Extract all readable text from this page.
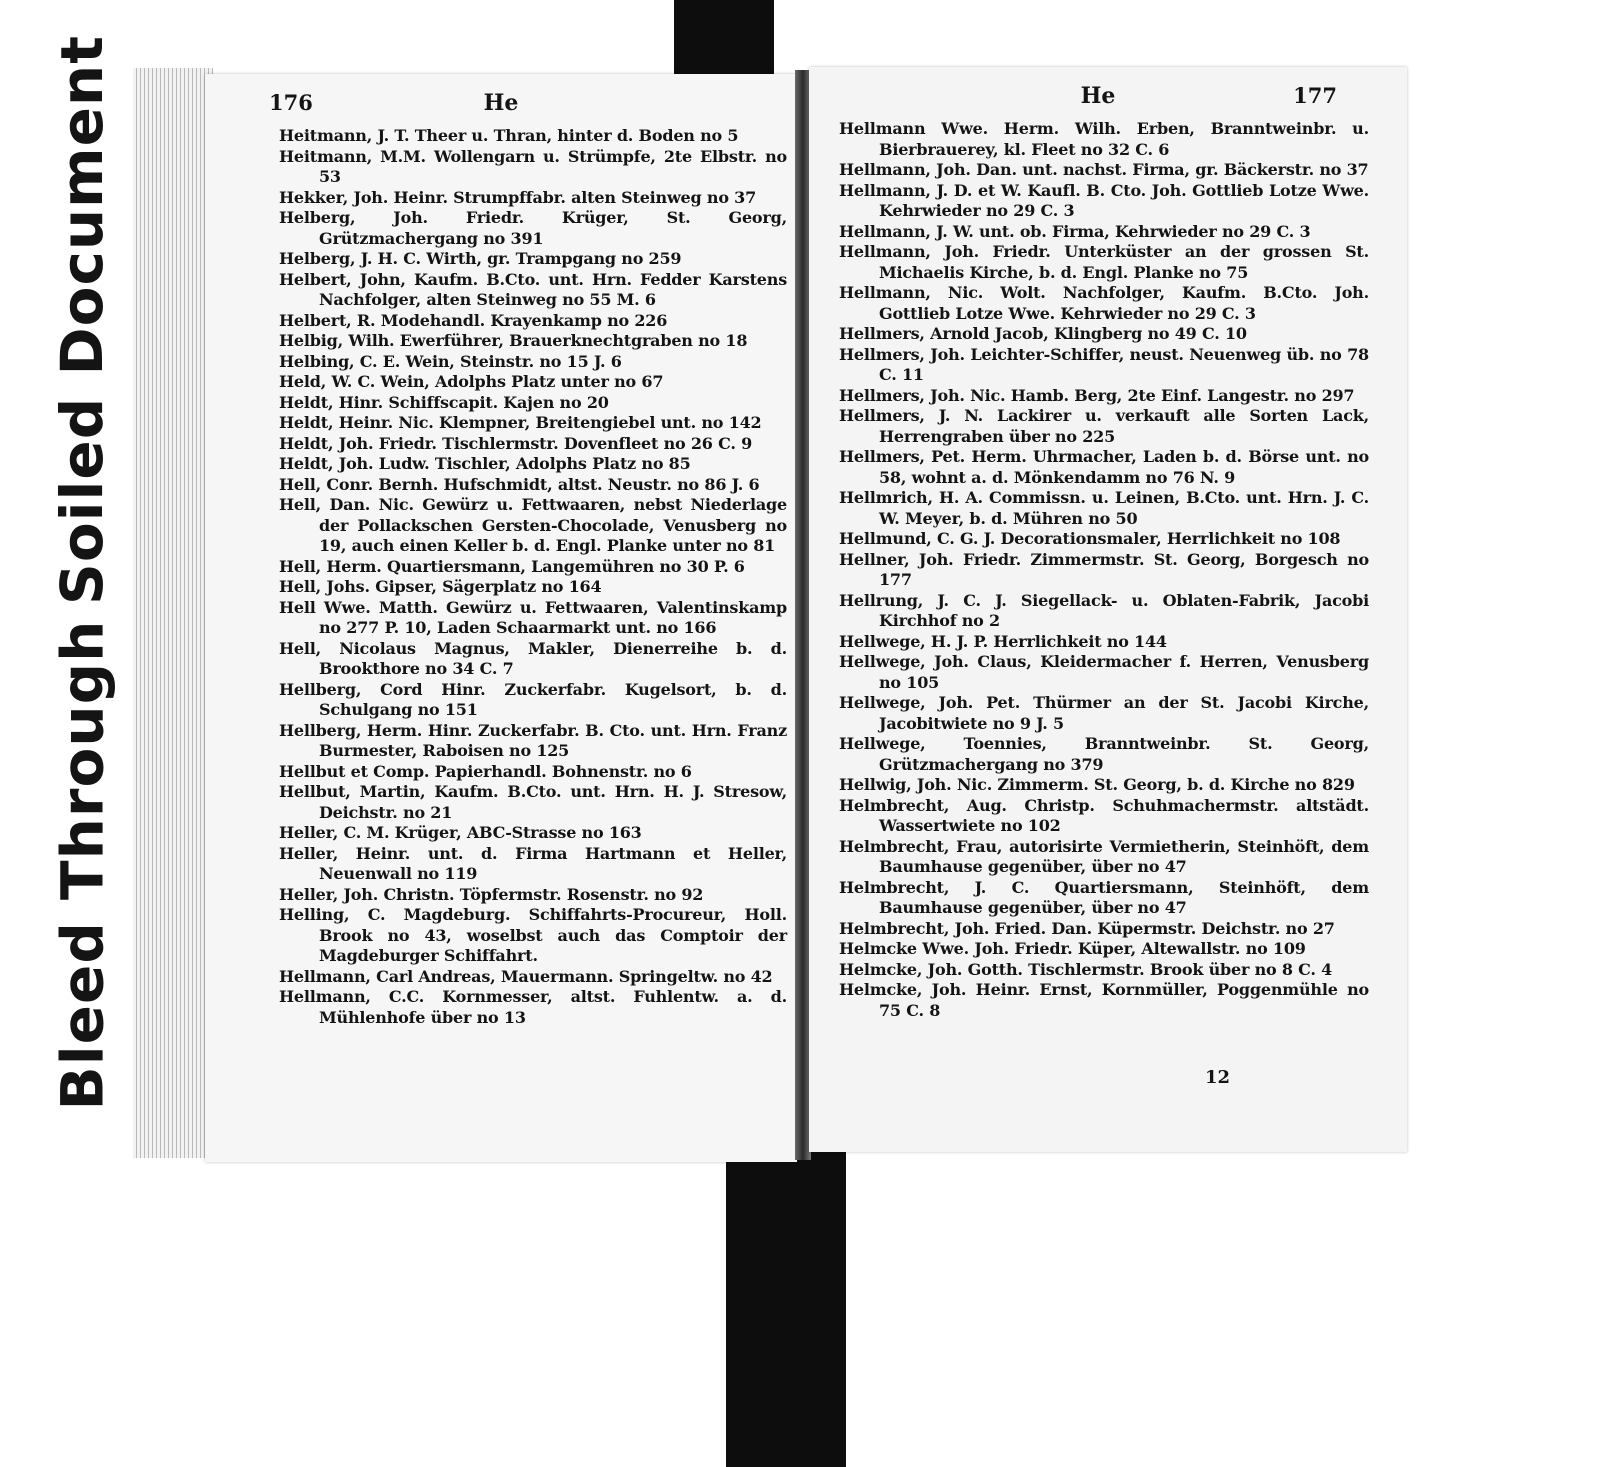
Soiled Document
Bleed Through
176	He
Heitmann, J. T. Theer u. Thran, hinter d. Boden no 5
Heitmann, M.M. Wollengarn u. Strümpfe, 2te Elbstr. no 53
Hekker, Joh. Heinr. Strumpffabr. alten Steinweg no 37
Helberg, Joh. Friedr. Krüger, St. Georg, Grützmachergang no 391
Helberg, J. H. C. Wirth, gr. Trampgang no 259
Helbert, John, Kaufm. B.Cto. unt. Hrn. Fedder Karstens Nachfolger, alten Steinweg no 55 M. 6
Helbert, R. Modehandl. Krayenkamp no 226
Helbig, Wilh. Ewerführer, Brauerknechtgraben no 18
Helbing, C. E. Wein, Steinstr. no 15 J. 6
Held, W. C. Wein, Adolphs Platz unter no 67
Heldt, Hinr. Schiffscapit. Kajen no 20
Heldt, Heinr. Nic. Klempner, Breitengiebel unt. no 142
Heldt, Joh. Friedr. Tischlermstr. Dovenfleet no 26 C. 9
Heldt, Joh. Ludw. Tischler, Adolphs Platz no 85
Hell, Conr. Bernh. Hufschmidt, altst. Neustr. no 86 J. 6
Hell, Dan. Nic. Gewürz u. Fettwaaren, nebst Niederlage der Pollackschen Gersten-Chocolade, Venusberg no 19, auch einen Keller b. d. Engl. Planke unter no 81
Hell, Herm. Quartiersmann, Langemühren no 30 P. 6
Hell, Johs. Gipser, Sägerplatz no 164
Hell Wwe. Matth. Gewürz u. Fettwaaren, Valentinskamp no 277 P. 10, Laden Schaarmarkt unt. no 166
Hell, Nicolaus Magnus, Makler, Dienerreihe b. d. Brookthore no 34 C. 7
Hellberg, Cord Hinr. Zuckerfabr. Kugelsort, b. d. Schulgang no 151
Hellberg, Herm. Hinr. Zuckerfabr. B. Cto. unt. Hrn. Franz Burmester, Raboisen no 125
Hellbut et Comp. Papierhandl. Bohnenstr. no 6
Hellbut, Martin, Kaufm. B.Cto. unt. Hrn. H. J. Stresow, Deichstr. no 21
Heller, C. M. Krüger, ABC-Strasse no 163
Heller, Heinr. unt. d. Firma Hartmann et Heller, Neuenwall no 119
Heller, Joh. Christn. Töpfermstr. Rosenstr. no 92
Helling, C. Magdeburg. Schiffahrts-Procureur, Holl. Brook no 43, woselbst auch das Comptoir der Magdeburger Schiffahrt.
Hellmann, Carl Andreas, Mauermann. Springeltw. no 42
Hellmann, C.C. Kornmesser, altst. Fuhlentw. a. d. Mühlenhofe über no 13
He	177
Hellmann Wwe. Herm. Wilh. Erben, Branntweinbr. u. Bierbrauerey, kl. Fleet no 32 C. 6
Hellmann, Joh. Dan. unt. nachst. Firma, gr. Bäckerstr. no 37
Hellmann, J. D. et W. Kaufl. B. Cto. Joh. Gottlieb Lotze Wwe. Kehrwieder no 29 C. 3
Hellmann, J. W. unt. ob. Firma, Kehrwieder no 29 C. 3
Hellmann, Joh. Friedr. Unterküster an der grossen St. Michaelis Kirche, b. d. Engl. Planke no 75
Hellmann, Nic. Wolt. Nachfolger, Kaufm. B.Cto. Joh. Gottlieb Lotze Wwe. Kehrwieder no 29 C. 3
Hellmers, Arnold Jacob, Klingberg no 49 C. 10
Hellmers, Joh. Leichter-Schiffer, neust. Neuenweg üb. no 78 C. 11
Hellmers, Joh. Nic. Hamb. Berg, 2te Einf. Langestr. no 297
Hellmers, J. N. Lackirer u. verkauft alle Sorten Lack, Herrengraben über no 225
Hellmers, Pet. Herm. Uhrmacher, Laden b. d. Börse unt. no 58, wohnt a. d. Mönkendamm no 76 N. 9
Hellmrich, H. A. Commissn. u. Leinen, B.Cto. unt. Hrn. J. C. W. Meyer, b. d. Mühren no 50
Hellmund, C. G. J. Decorationsmaler, Herrlichkeit no 108
Hellner, Joh. Friedr. Zimmermstr. St. Georg, Borgesch no 177
Hellrung, J. C. J. Siegellack- u. Oblaten-Fabrik, Jacobi Kirchhof no 2
Hellwege, H. J. P. Herrlichkeit no 144
Hellwege, Joh. Claus, Kleidermacher f. Herren, Venusberg no 105
Hellwege, Joh. Pet. Thürmer an der St. Jacobi Kirche, Jacobitwiete no 9 J. 5
Hellwege, Toennies, Branntweinbr. St. Georg, Grützmachergang no 379
Hellwig, Joh. Nic. Zimmerm. St. Georg, b. d. Kirche no 829
Helmbrecht, Aug. Christp. Schuhmachermstr. altstädt. Wassertwiete no 102
Helmbrecht, Frau, autorisirte Vermietherin, Steinhöft, dem Baumhause gegenüber, über no 47
Helmbrecht, J. C. Quartiersmann, Steinhöft, dem Baumhause gegenüber, über no 47
Helmbrecht, Joh. Fried. Dan. Küpermstr. Deichstr. no 27
Helmcke Wwe. Joh. Friedr. Küper, Altewallstr. no 109
Helmcke, Joh. Gotth. Tischlermstr. Brook über no 8 C. 4
Helmcke, Joh. Heinr. Ernst, Kornmüller, Poggenmühle no 75 C. 8
12
